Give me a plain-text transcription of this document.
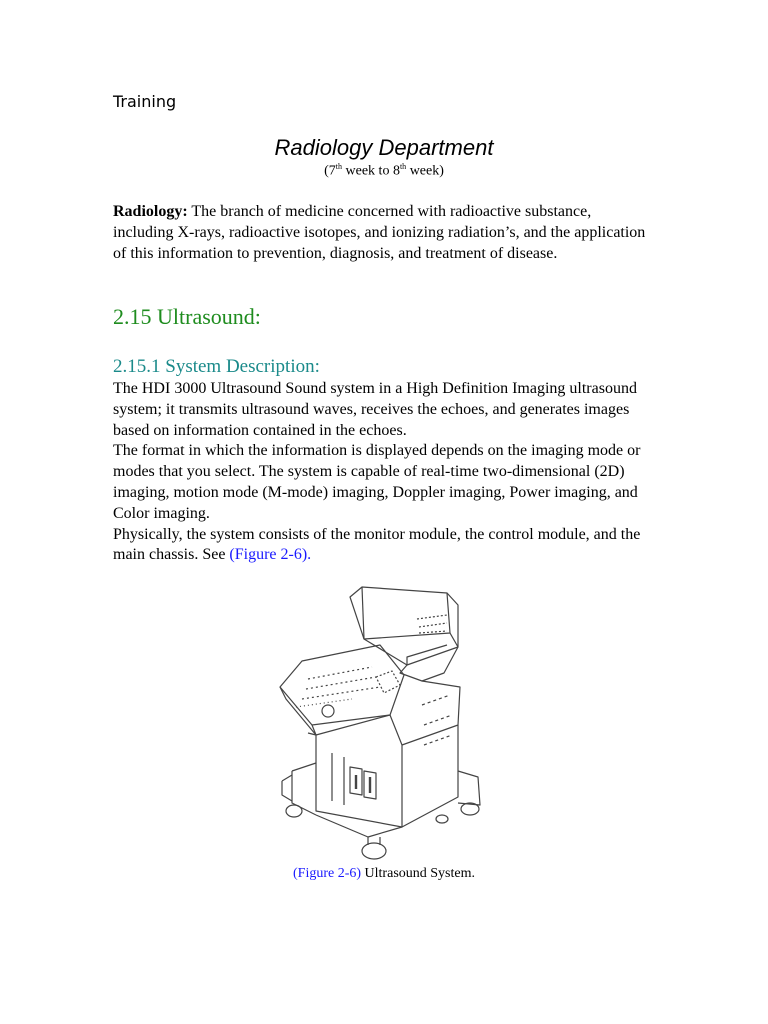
Training
Radiology Department
(7th week to 8th week)
Radiology: The branch of medicine concerned with radioactive substance, including X-rays, radioactive isotopes, and ionizing radiation’s, and the application of this information to prevention, diagnosis, and treatment of disease.
2.15 Ultrasound:
2.15.1 System Description:
The HDI 3000 Ultrasound Sound system in a High Definition Imaging ultrasound system; it transmits ultrasound waves, receives the echoes, and generates images based on information contained in the echoes.
The format in which the information is displayed depends on the imaging mode or modes that you select. The system is capable of real-time two-dimensional (2D) imaging, motion mode (M-mode) imaging, Doppler imaging, Power imaging, and Color imaging.
Physically, the system consists of the monitor module, the control module, and the main chassis. See (Figure 2-6).
(Figure 2-6) Ultrasound System.
